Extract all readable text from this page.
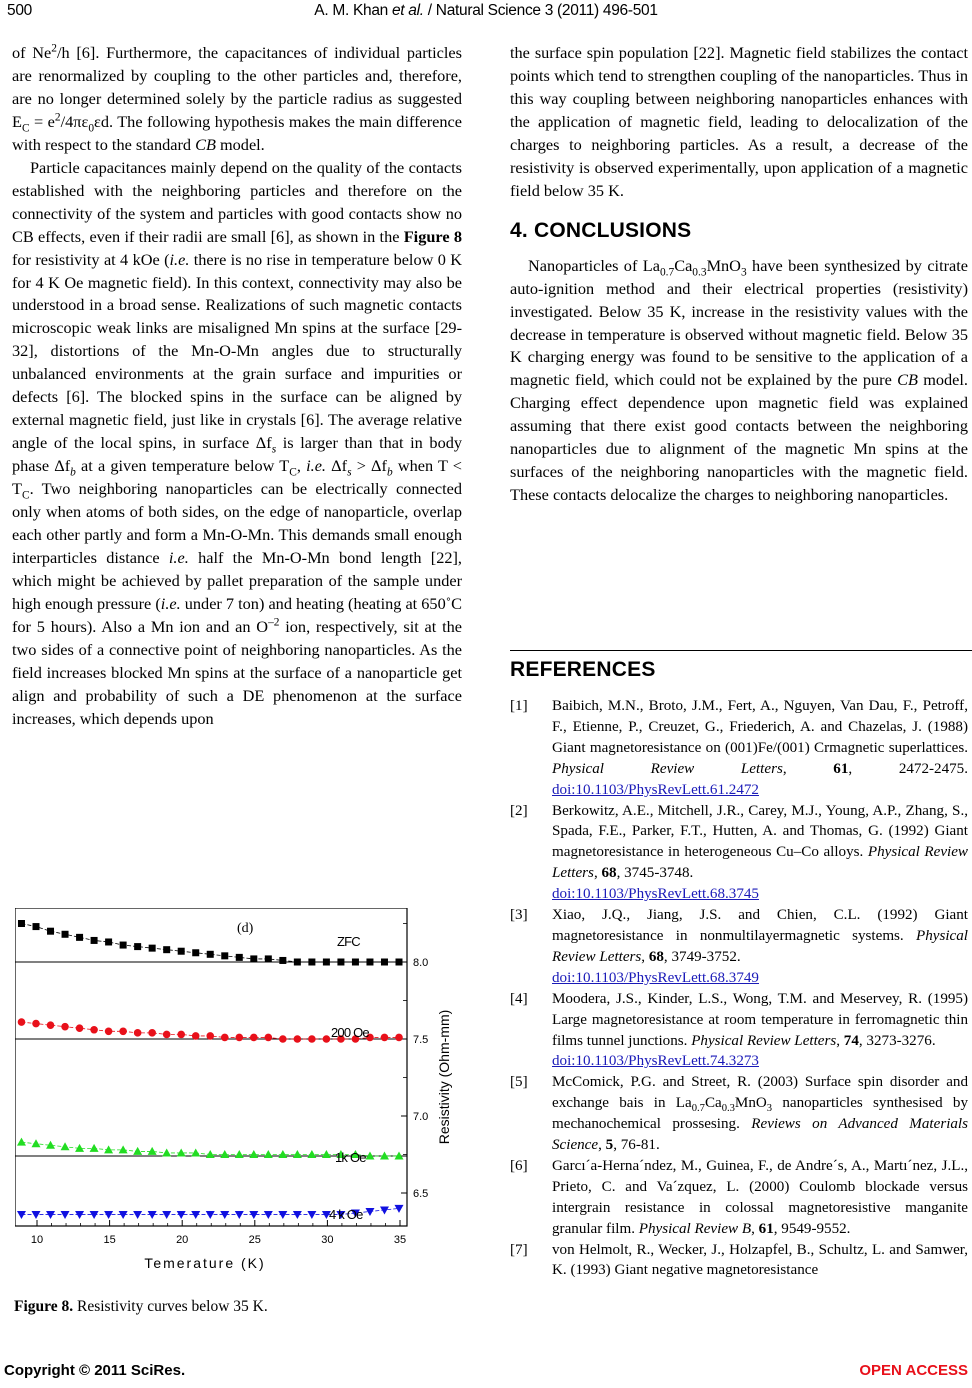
500	A. M. Khan et al. / Natural Science 3 (2011) 496-501

of Ne$^2$/h [6]. Furthermore, the capacitances of individual particles are renormalized by coupling to the other particles and, therefore, are no longer determined solely by the particle radius as suggested $E_C = e^2/4\pi\varepsilon_0\varepsilon d$. The following hypothesis makes the main difference with respect to the standard CB model.

Particle capacitances mainly depend on the quality of the contacts established with the neighboring particles and therefore on the connectivity of the system and particles with good contacts show no CB effects, even if their radii are small [6], as shown in the Figure 8 for resistivity at 4 kOe (i.e. there is no rise in temperature below 0 K for 4 K Oe magnetic field). In this context, connectivity may also be understood in a broad sense. Realizations of such magnetic contacts microscopic weak links are misaligned Mn spins at the surface [29-32], distortions of the Mn-O-Mn angles due to structurally unbalanced environments at the grain surface and impurities or defects [6]. The blocked spins in the surface can be aligned by external magnetic field, just like in crystals [6]. The average relative angle of the local spins, in surface $\Delta f_s$ is larger than that in body phase $\Delta f_b$ at a given temperature below $T_C$, i.e. $\Delta f_s > \Delta f_b$ when $T < T_C$. Two neighboring nanoparticles can be electrically connected only when atoms of both sides, on the edge of nanoparticle, overlap each other partly and form a Mn-O-Mn. This demands small enough interparticles distance i.e. half the Mn-O-Mn bond length [22], which might be achieved by pallet preparation of the sample under high enough pressure (i.e. under 7 ton) and heating (heating at 650˚C for 5 hours). Also a Mn ion and an $O^{-2}$ ion, respectively, sit at the two sides of a connective point of neighboring nanoparticles. As the field increases blocked Mn spins at the surface of a nanoparticle get align and probability of such a DE phenomenon at the surface increases, which depends upon

the surface spin population [22]. Magnetic field stabilizes the contact points which tend to strengthen coupling of the nanoparticles. Thus in this way coupling between neighboring nanoparticles enhances with the application of magnetic field, leading to delocalization of the charges to neighboring particles. As a result, a decrease of the resistivity is observed experimentally, upon application of a magnetic field below 35 K.

4. CONCLUSIONS

Nanoparticles of $La_{0.7}Ca_{0.3}MnO_3$ have been synthesized by citrate auto-ignition method and their electrical properties (resistivity) investigated. Below 35 K, increase in the resistivity values with the decrease in temperature is observed without magnetic field. Below 35 K charging energy was found to be sensitive to the application of a magnetic field, which could not be explained by the pure CB model. Charging effect dependence upon magnetic field was explained assuming that there exist good contacts between the neighboring nanoparticles due to alignment of the magnetic Mn spins at the surfaces of the neighboring nanoparticles with the magnetic field. These contacts delocalize the charges to neighboring nanoparticles.

REFERENCES
[1]	Baibich, M.N., Broto, J.M., Fert, A., Nguyen, Van Dau, F., Petroff, F., Etienne, P., Creuzet, G., Friederich, A. and Chazelas, J. (1988) Giant magnetoresistance on (001)Fe/(001) Crmagnetic superlattices. Physical Review Letters, 61, 2472-2475. doi:10.1103/PhysRevLett.61.2472
[2]	Berkowitz, A.E., Mitchell, J.R., Carey, M.J., Young, A.P., Zhang, S., Spada, F.E., Parker, F.T., Hutten, A. and Thomas, G. (1992) Giant magnetoresistance in heterogeneous Cu–Co alloys. Physical Review Letters, 68, 3745-3748.
doi:10.1103/PhysRevLett.68.3745
[3]	Xiao, J.Q., Jiang, J.S. and Chien, C.L. (1992) Giant magnetoresistance in nonmultilayermagnetic systems. Physical Review Letters, 68, 3749-3752.
doi:10.1103/PhysRevLett.68.3749
[4]	Moodera, J.S., Kinder, L.S., Wong, T.M. and Meservey, R. (1995) Large magnetoresistance at room temperature in ferromagnetic thin films tunnel junctions. Physical Review Letters, 74, 3273-3276.
doi:10.1103/PhysRevLett.74.3273
[5]	McComick, P.G. and Street, R. (2003) Surface spin disorder and exchange bais in $La_{0.7}Ca_{0.3}MnO_3$ nanoparticles synthesised by mechanochemical prossesing. Reviews on Advanced Materials Science, 5, 76-81.
[6]	Garcı´a-Herna´ndez, M., Guinea, F., de Andre´s, A., Martı´nez, J.L., Prieto, C. and Va´zquez, L. (2000) Coulomb blockade versus intergrain resistance in colossal magnetoresistive manganite granular film. Physical Review B, 61, 9549-9552.
[7]	von Helmolt, R., Wecker, J., Holzapfel, B., Schultz, L. and Samwer, K. (1993) Giant negative magnetoresistance
10	15	20	25	30	35
6.5
7.0
7.5
8.0
Temerature (K)
Resistivity (Ohm-mm)
(d)
ZFC
200 Oe
1k Oe
4 k Oe
Figure 8. Resistivity curves below 35 K.
Copyright © 2011 SciRes.	OPEN ACCESS
